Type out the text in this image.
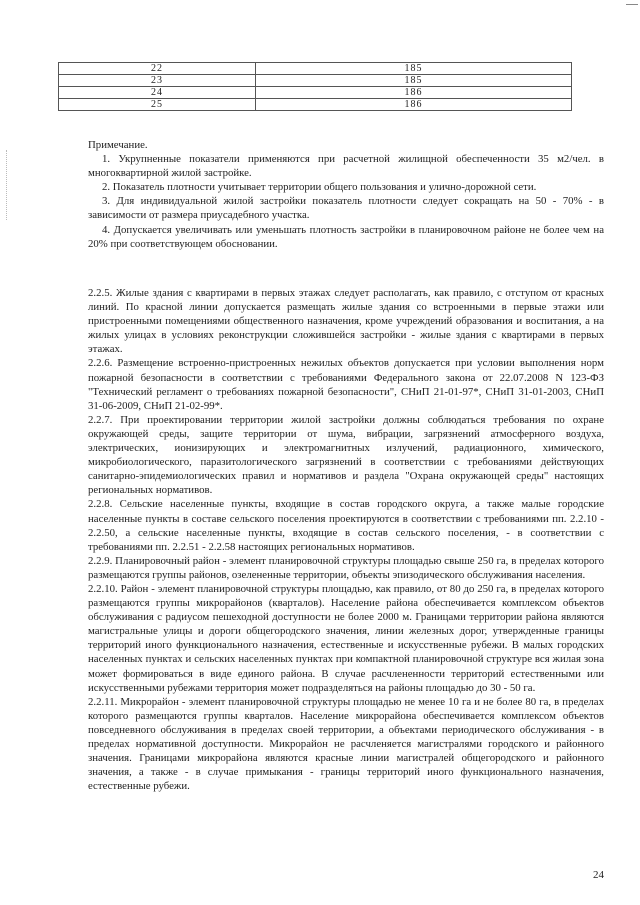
22	185
23	185
24	186
25	186

Примечание.

1. Укрупненные показатели применяются при расчетной жилищной обеспеченности 35 м2/чел. в многоквартирной жилой застройке.

2. Показатель плотности учитывает территории общего пользования и улично-дорожной сети.

3. Для индивидуальной жилой застройки показатель плотности следует сокращать на 50 - 70% - в зависимости от размера приусадебного участка.

4. Допускается увеличивать или уменьшать плотность застройки в планировочном районе не более чем на 20% при соответствующем обосновании.

2.2.5. Жилые здания с квартирами в первых этажах следует располагать, как правило, с отступом от красных линий. По красной линии допускается размещать жилые здания со встроенными в первые этажи или пристроенными помещениями общественного назначения, кроме учреждений образования и воспитания, а на жилых улицах в условиях реконструкции сложившейся застройки - жилые здания с квартирами в первых этажах.

2.2.6. Размещение встроенно-пристроенных нежилых объектов допускается при условии выполнения норм пожарной безопасности в соответствии с требованиями Федерального закона от 22.07.2008 N 123-ФЗ "Технический регламент о требованиях пожарной безопасности", СНиП 21-01-97*, СНиП 31-01-2003, СНиП 31-06-2009, СНиП 21-02-99*.

2.2.7. При проектировании территории жилой застройки должны соблюдаться требования по охране окружающей среды, защите территории от шума, вибрации, загрязнений атмосферного воздуха, электрических, ионизирующих и электромагнитных излучений, радиационного, химического, микробиологического, паразитологического загрязнений в соответствии с требованиями действующих санитарно-эпидемиологических правил и нормативов и раздела "Охрана окружающей среды" настоящих региональных нормативов.

2.2.8. Сельские населенные пункты, входящие в состав городского округа, а также малые городские населенные пункты в составе сельского поселения проектируются в соответствии с требованиями пп. 2.2.10 - 2.2.50, а сельские населенные пункты, входящие в состав сельского поселения, - в соответствии с требованиями пп. 2.2.51 - 2.2.58 настоящих региональных нормативов.

2.2.9. Планировочный район - элемент планировочной структуры площадью свыше 250 га, в пределах которого размещаются группы районов, озелененные территории, объекты эпизодического обслуживания населения.

2.2.10. Район - элемент планировочной структуры площадью, как правило, от 80 до 250 га, в пределах которого размещаются группы микрорайонов (кварталов). Население района обеспечивается комплексом объектов обслуживания с радиусом пешеходной доступности не более 2000 м. Границами территории района являются магистральные улицы и дороги общегородского значения, линии железных дорог, утвержденные границы территорий иного функционального назначения, естественные и искусственные рубежи. В малых городских населенных пунктах и сельских населенных пунктах при компактной планировочной структуре вся жилая зона может формироваться в виде единого района. В случае расчлененности территорий естественными или искусственными рубежами территория может подразделяться на районы площадью до 30 - 50 га.

2.2.11. Микрорайон - элемент планировочной структуры площадью не менее 10 га и не более 80 га, в пределах которого размещаются группы кварталов. Население микрорайона обеспечивается комплексом объектов повседневного обслуживания в пределах своей территории, а объектами периодического обслуживания - в пределах нормативной доступности. Микрорайон не расчленяется магистралями городского и районного значения. Границами микрорайона являются красные линии магистралей общегородского и районного значения, а также - в случае примыкания - границы территорий иного функционального назначения, естественные рубежи.

24
